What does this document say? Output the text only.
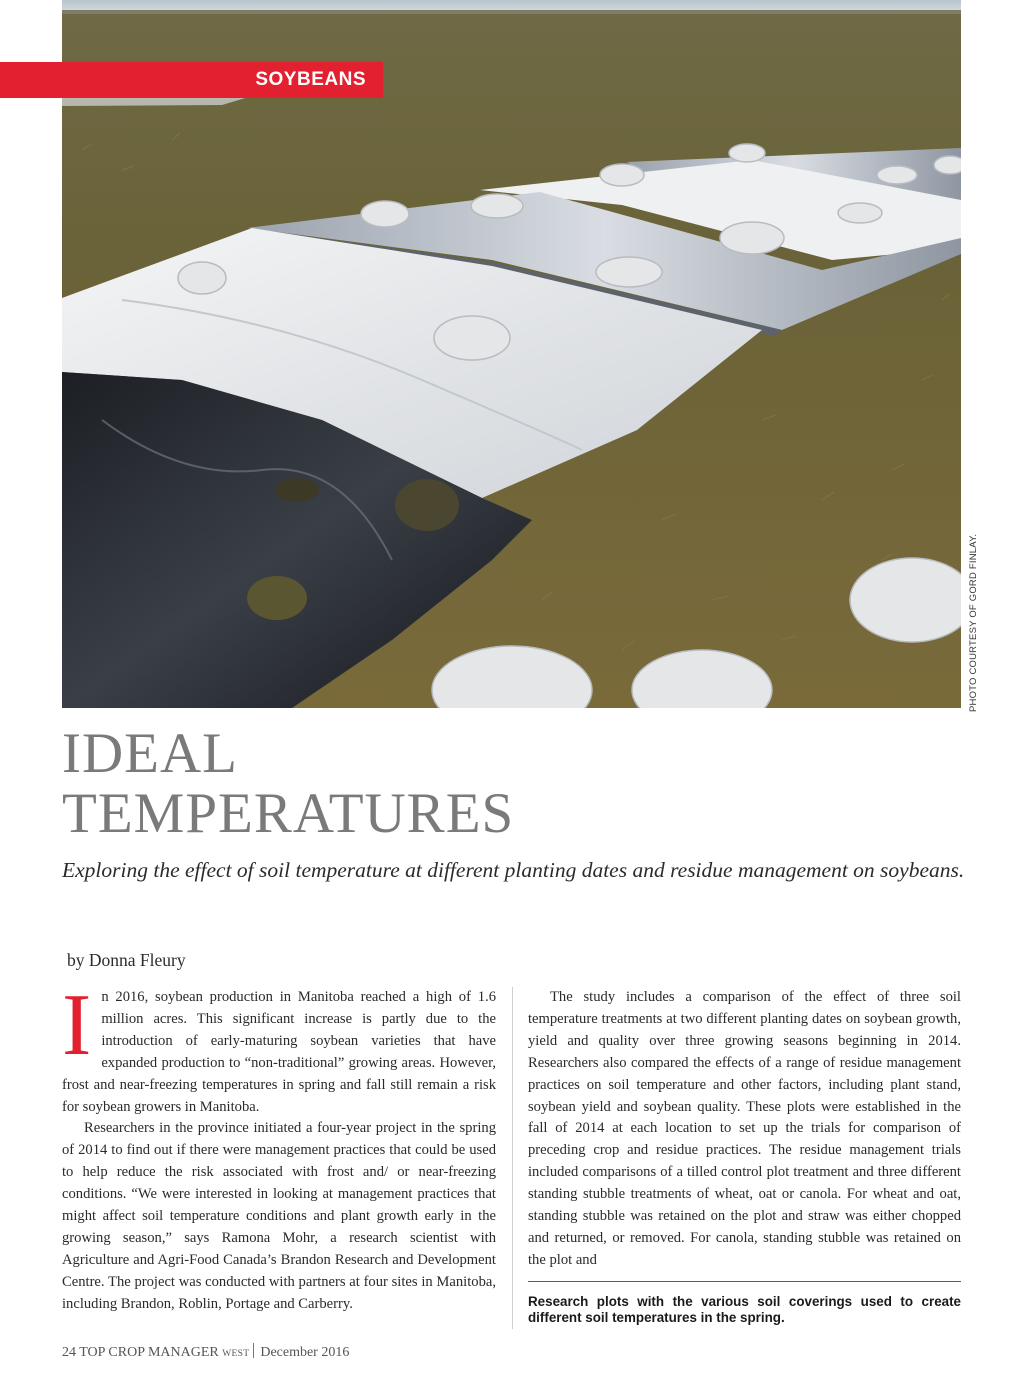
SOYBEANS
PHOTO COURTESY OF GORD FINLAY.
IDEAL
TEMPERATURES
Exploring the effect of soil temperature at different planting dates and residue management on soybeans.
by Donna Fleury

In 2016, soybean production in Manitoba reached a high of 1.6 million acres. This significant increase is partly due to the introduction of early-maturing soybean varieties that have expanded production to “non-traditional” growing areas. However, frost and near-freezing temperatures in spring and fall still remain a risk for soybean growers in Manitoba.

Researchers in the province initiated a four-year project in the spring of 2014 to find out if there were management practices that could be used to help reduce the risk associated with frost and/ or near-freezing conditions. “We were interested in looking at management practices that might affect soil temperature conditions and plant growth early in the growing season,” says Ramona Mohr, a research scientist with Agriculture and Agri-Food Canada’s Brandon Research and Development Centre. The project was conducted with partners at four sites in Manitoba, including Brandon, Roblin, Portage and Carberry.

The study includes a comparison of the effect of three soil temperature treatments at two different planting dates on soybean growth, yield and quality over three growing seasons beginning in 2014. Researchers also compared the effects of a range of residue management practices on soil temperature and other factors, including plant stand, soybean yield and soybean quality. These plots were established in the fall of 2014 at each location to set up the trials for comparison of preceding crop and residue practices. The residue management trials included comparisons of a tilled control plot treatment and three different standing stubble treatments of wheat, oat or canola. For wheat and oat, standing stubble was retained on the plot and straw was either chopped and returned, or removed. For canola, standing stubble was retained on the plot and

Research plots with the various soil coverings used to create different soil temperatures in the spring.
24 TOP CROP MANAGER WEST December 2016
